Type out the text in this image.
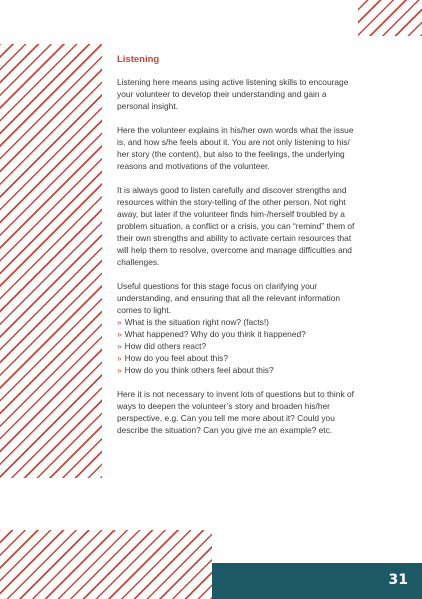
Listening

Listening here means using active listening skills to encourage your volunteer to develop their understanding and gain a personal insight.

Here the volunteer explains in his/her own words what the issue is, and how s/he feels about it. You are not only listening to his/ her story (the content), but also to the feelings, the underlying reasons and motivations of the volunteer.

It is always good to listen carefully and discover strengths and resources within the story-telling of the other person. Not right away, but later if the volunteer finds him-/herself troubled by a problem situation, a conflict or a crisis, you can “remind” them of their own strengths and ability to activate certain resources that will help them to resolve, overcome and manage difficulties and challenges.

Useful questions for this stage focus on clarifying your understanding, and ensuring that all the relevant information comes to light.

» What is the situation right now? (facts!)
» What happened? Why do you think it happened?
» How did others react?
» How do you feel about this?
» How do you think others feel about this?

Here it is not necessary to invent lots of questions but to think of ways to deepen the volunteer’s story and broaden his/her perspective, e.g. Can you tell me more about it? Could you describe the situation? Can you give me an example? etc.

31
